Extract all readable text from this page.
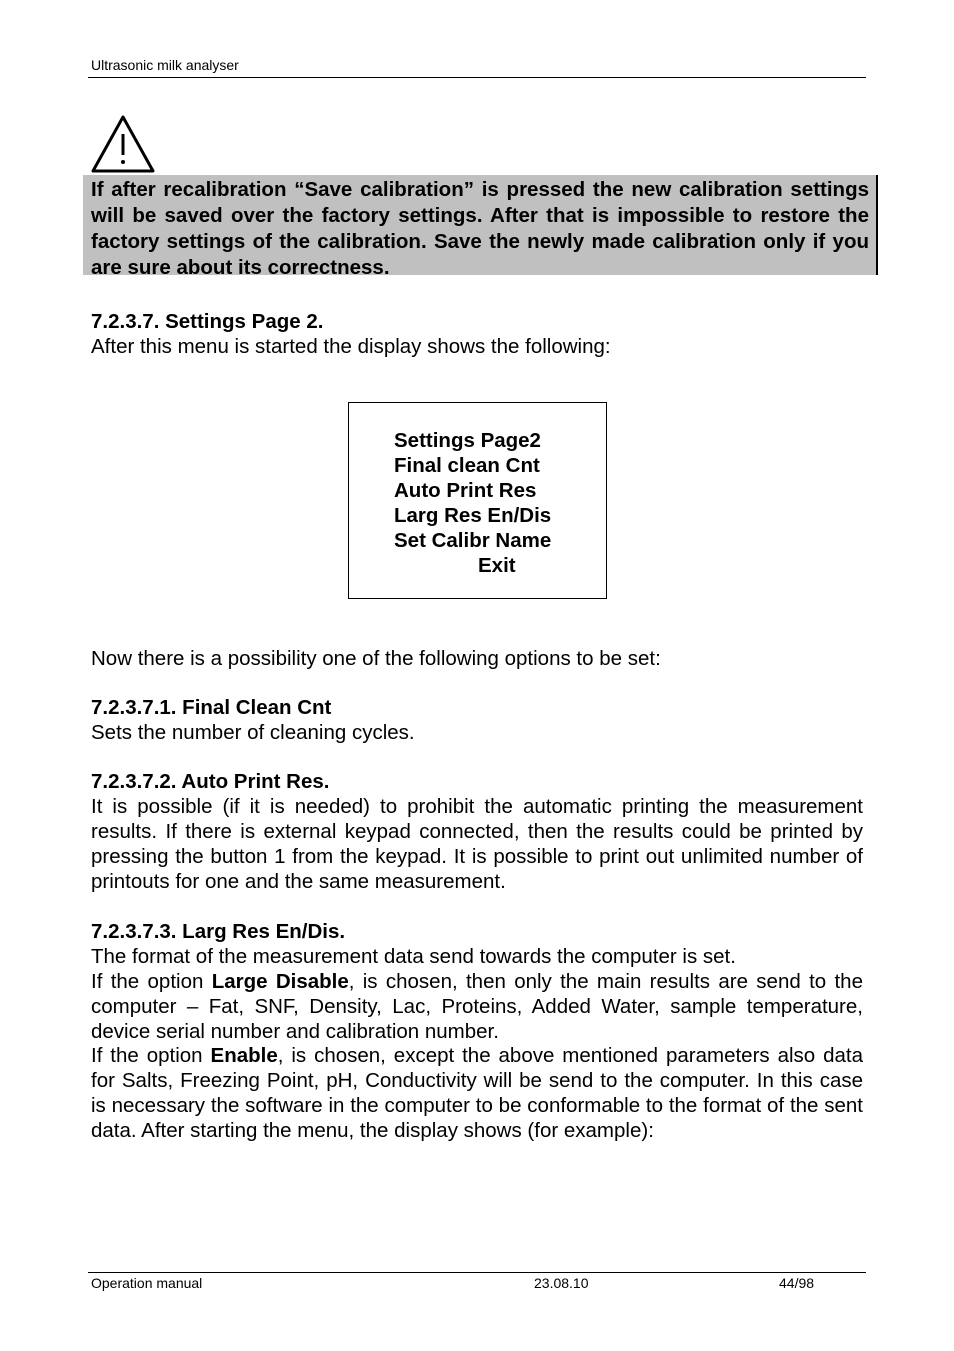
Ultrasonic milk analyser
If after recalibration “Save calibration” is pressed the new calibration settings will be saved over the factory settings. After that is impossible to restore the factory settings of the calibration. Save the newly made calibration only if you are sure about its correctness.

7.2.3.7. Settings Page 2.

After this menu is started the display shows the following:

Settings Page2
Final clean Cnt
Auto Print Res
Larg Res En/Dis
Set Calibr Name
Exit

Now there is a possibility one of the following options to be set:

7.2.3.7.1. Final Clean Cnt

Sets the number of cleaning cycles.

7.2.3.7.2. Auto Print Res.

It is possible (if it is needed) to prohibit the automatic printing the measurement results. If there is external keypad connected, then the results could be printed by pressing the button 1 from the keypad. It is possible to print out unlimited number of printouts for one and the same measurement.

7.2.3.7.3. Larg Res En/Dis.

The format of the measurement data send towards the computer is set.

If the option Large Disable, is chosen, then only the main results are send to the computer – Fat, SNF, Density, Lac, Proteins, Added Water, sample temperature, device serial number and calibration number.

If the option Enable, is chosen, except the above mentioned parameters also data for Salts, Freezing Point, pH, Conductivity will be send to the computer. In this case is necessary the software in the computer to be conformable to the format of the sent data. After starting the menu, the display shows (for example):

Operation manual	23.08.10	44/98
